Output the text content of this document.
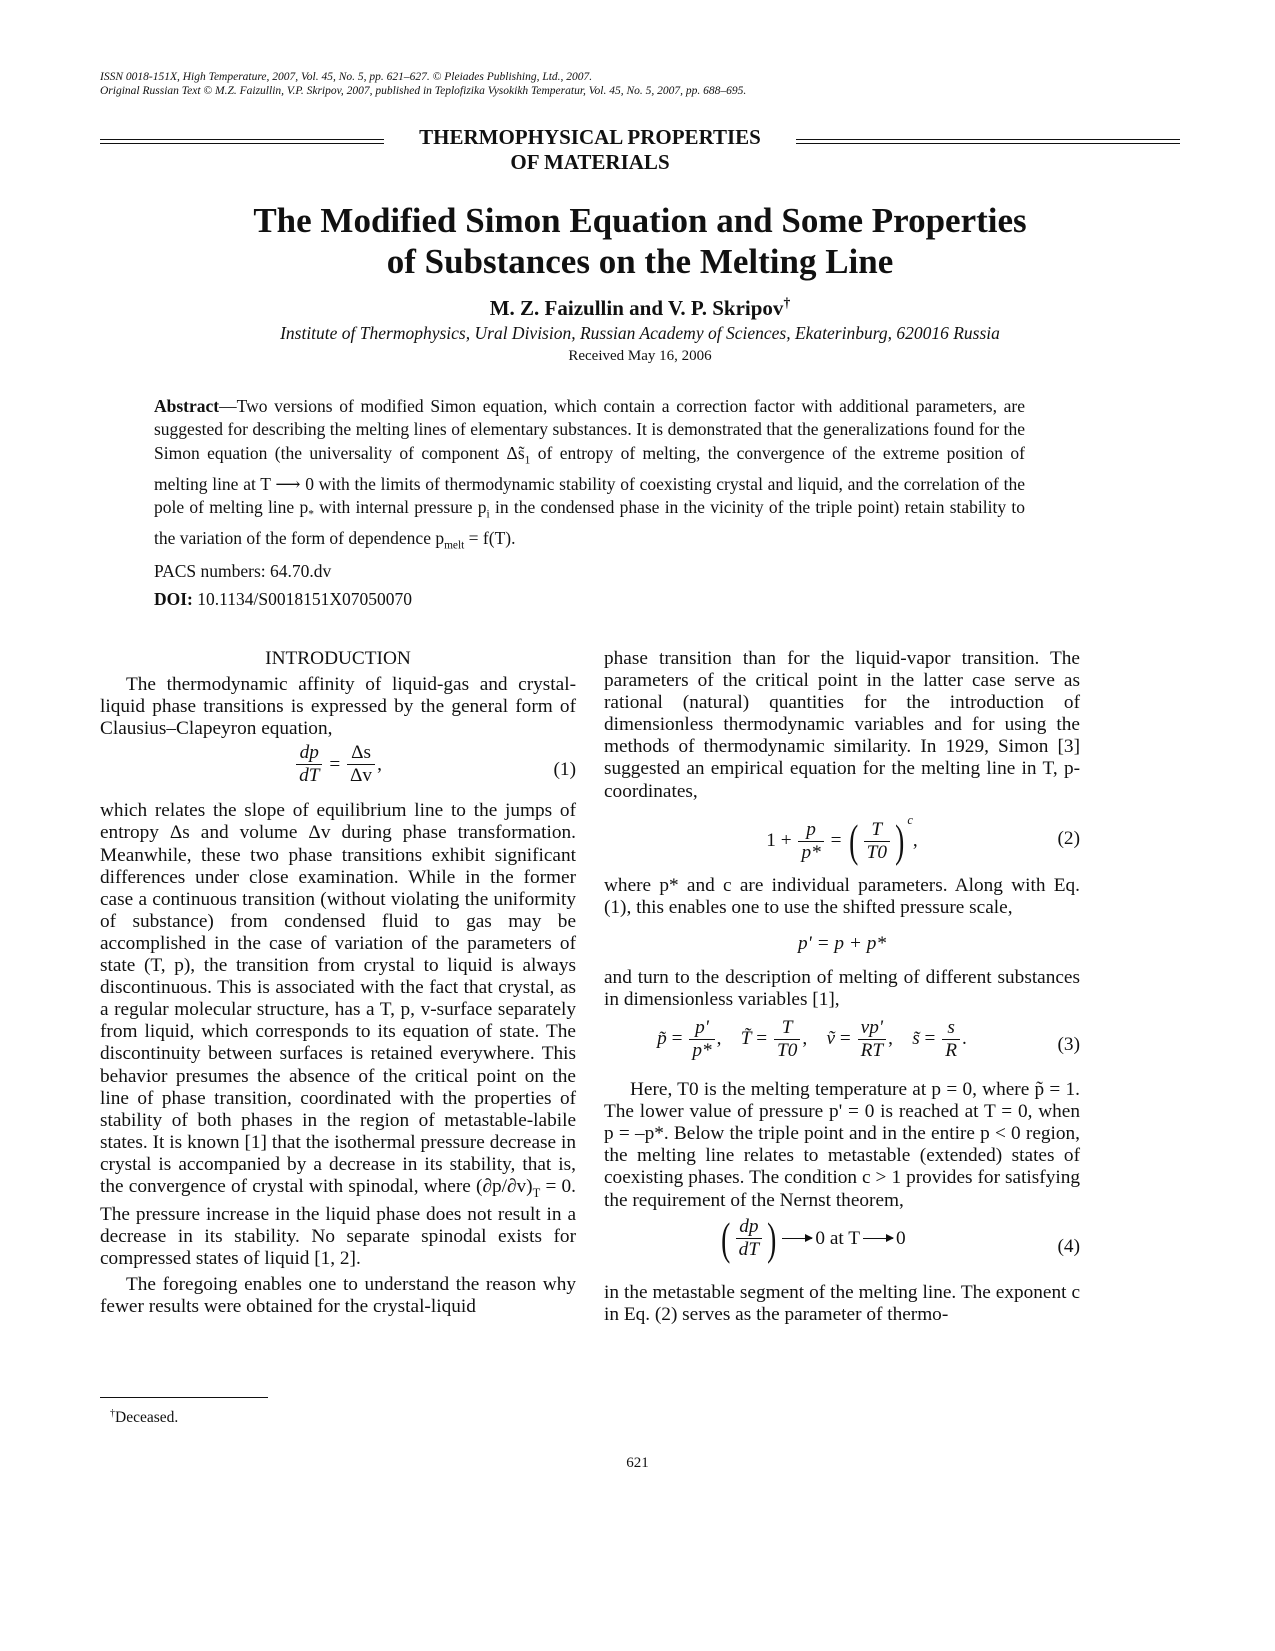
ISSN 0018-151X, High Temperature, 2007, Vol. 45, No. 5, pp. 621–627. © Pleiades Publishing, Ltd., 2007.
Original Russian Text © M.Z. Faizullin, V.P. Skripov, 2007, published in Teplofizika Vysokikh Temperatur, Vol. 45, No. 5, 2007, pp. 688–695.
THERMOPHYSICAL PROPERTIES
OF MATERIALS
The Modified Simon Equation and Some Properties
of Substances on the Melting Line
M. Z. Faizullin and V. P. Skripov†
Institute of Thermophysics, Ural Division, Russian Academy of Sciences, Ekaterinburg, 620016 Russia
Received May 16, 2006

Abstract—Two versions of modified Simon equation, which contain a correction factor with additional parameters, are suggested for describing the melting lines of elementary substances. It is demonstrated that the generalizations found for the Simon equation (the universality of component $\Delta s̃_1$ of entropy of melting, the convergence of the extreme position of melting line at T ⟶ 0 with the limits of thermodynamic stability of coexisting crystal and liquid, and the correlation of the pole of melting line $p_*$ with internal pressure $p_i$ in the condensed phase in the vicinity of the triple point) retain stability to the variation of the form of dependence $p_{melt} = f(T)$.

PACS numbers: 64.70.dv
DOI: 10.1134/S0018151X07050070
INTRODUCTION

The thermodynamic affinity of liquid-gas and crystal-liquid phase transitions is expressed by the general form of Clausius–Clapeyron equation,

$\frac{dp}{dT} = \frac{\Delta s}{\Delta v}$ ,	(1)

which relates the slope of equilibrium line to the jumps of entropy Δs and volume Δv during phase transformation. Meanwhile, these two phase transitions exhibit significant differences under close examination. While in the former case a continuous transition (without violating the uniformity of substance) from condensed fluid to gas may be accomplished in the case of variation of the parameters of state (T, p), the transition from crystal to liquid is always discontinuous. This is associated with the fact that crystal, as a regular molecular structure, has a T, p, v-surface separately from liquid, which corresponds to its equation of state. The discontinuity between surfaces is retained everywhere. This behavior presumes the absence of the critical point on the line of phase transition, coordinated with the properties of stability of both phases in the region of metastable-labile states. It is known [1] that the isothermal pressure decrease in crystal is accompanied by a decrease in its stability, that is, the convergence of crystal with spinodal, where $(\partial p/\partial v)_T = 0$. The pressure increase in the liquid phase does not result in a decrease in its stability. No separate spinodal exists for compressed states of liquid [1, 2].

The foregoing enables one to understand the reason why fewer results were obtained for the crystal-liquid

phase transition than for the liquid-vapor transition. The parameters of the critical point in the latter case serve as rational (natural) quantities for the introduction of dimensionless thermodynamic variables and for using the methods of thermodynamic similarity. In 1929, Simon [3] suggested an empirical equation for the melting line in T, p-coordinates,

$1 + \frac{p}{p*}$ = ( $\frac{T}{T0}$ ) $^c$,	(2)

where p* and c are individual parameters. Along with Eq. (1), this enables one to use the shifted pressure scale,

p' = p + p*

and turn to the description of melting of different substances in dimensionless variables [1],

p̃ = $\frac{p'}{p*}$ , T̃ = $\frac{T}{T0}$ , ṽ = $\frac{vp'}{RT}$ , s̃ = $\frac{s}{R}$ .	(3)

Here, T0 is the melting temperature at p = 0, where p̃ = 1. The lower value of pressure p' = 0 is reached at T = 0, when p = –p*. Below the triple point and in the entire p < 0 region, the melting line relates to metastable (extended) states of coexisting phases. The condition c > 1 provides for satisfying the requirement of the Nernst theorem,

( $\frac{dp}{dT}$ ) 0 at T 0	(4)

in the metastable segment of the melting line. The exponent c in Eq. (2) serves as the parameter of thermo-

†Deceased.
621
